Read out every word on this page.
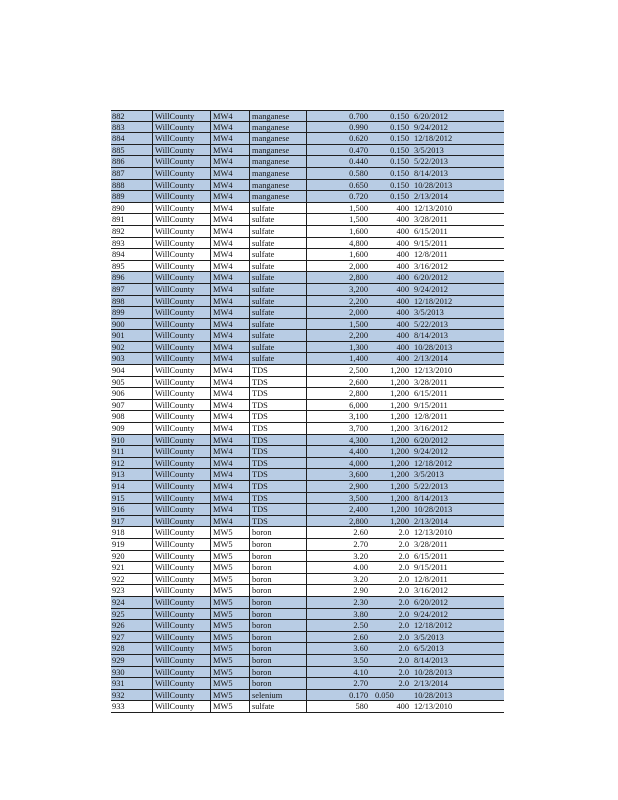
882	WillCounty	MW4	manganese	0.700	0.150 6/20/2012
883	WillCounty	MW4	manganese	0.990	0.150 9/24/2012
884	WillCounty	MW4	manganese	0.620	0.150 12/18/2012
885	WillCounty	MW4	manganese	0.470	0.150 3/5/2013
886	WillCounty	MW4	manganese	0.440	0.150 5/22/2013
887	WillCounty	MW4	manganese	0.580	0.150 8/14/2013
888	WillCounty	MW4	manganese	0.650	0.150 10/28/2013
889	WillCounty	MW4	manganese	0.720	0.150 2/13/2014
890	WillCounty	MW4	sulfate	1,500	400 12/13/2010
891	WillCounty	MW4	sulfate	1,500	400 3/28/2011
892	WillCounty	MW4	sulfate	1,600	400 6/15/2011
893	WillCounty	MW4	sulfate	4,800	400 9/15/2011
894	WillCounty	MW4	sulfate	1,600	400 12/8/2011
895	WillCounty	MW4	sulfate	2,000	400 3/16/2012
896	WillCounty	MW4	sulfate	2,800	400 6/20/2012
897	WillCounty	MW4	sulfate	3,200	400 9/24/2012
898	WillCounty	MW4	sulfate	2,200	400 12/18/2012
899	WillCounty	MW4	sulfate	2,000	400 3/5/2013
900	WillCounty	MW4	sulfate	1,500	400 5/22/2013
901	WillCounty	MW4	sulfate	2,200	400 8/14/2013
902	WillCounty	MW4	sulfate	1,300	400 10/28/2013
903	WillCounty	MW4	sulfate	1,400	400 2/13/2014
904	WillCounty	MW4	TDS	2,500	1,200 12/13/2010
905	WillCounty	MW4	TDS	2,600	1,200 3/28/2011
906	WillCounty	MW4	TDS	2,800	1,200 6/15/2011
907	WillCounty	MW4	TDS	6,000	1,200 9/15/2011
908	WillCounty	MW4	TDS	3,100	1,200 12/8/2011
909	WillCounty	MW4	TDS	3,700	1,200 3/16/2012
910	WillCounty	MW4	TDS	4,300	1,200 6/20/2012
911	WillCounty	MW4	TDS	4,400	1,200 9/24/2012
912	WillCounty	MW4	TDS	4,000	1,200 12/18/2012
913	WillCounty	MW4	TDS	3,600	1,200 3/5/2013
914	WillCounty	MW4	TDS	2,900	1,200 5/22/2013
915	WillCounty	MW4	TDS	3,500	1,200 8/14/2013
916	WillCounty	MW4	TDS	2,400	1,200 10/28/2013
917	WillCounty	MW4	TDS	2,800	1,200 2/13/2014
918	WillCounty	MW5	boron	2.60	2.0 12/13/2010
919	WillCounty	MW5	boron	2.70	2.0 3/28/2011
920	WillCounty	MW5	boron	3.20	2.0 6/15/2011
921	WillCounty	MW5	boron	4.00	2.0 9/15/2011
922	WillCounty	MW5	boron	3.20	2.0 12/8/2011
923	WillCounty	MW5	boron	2.90	2.0 3/16/2012
924	WillCounty	MW5	boron	2.30	2.0 6/20/2012
925	WillCounty	MW5	boron	3.80	2.0 9/24/2012
926	WillCounty	MW5	boron	2.50	2.0 12/18/2012
927	WillCounty	MW5	boron	2.60	2.0 3/5/2013
928	WillCounty	MW5	boron	3.60	2.0 6/5/2013
929	WillCounty	MW5	boron	3.50	2.0 8/14/2013
930	WillCounty	MW5	boron	4.10	2.0 10/28/2013
931	WillCounty	MW5	boron	2.70	2.0 2/13/2014
932	WillCounty	MW5	selenium	0.170 0.050	10/28/2013
933	WillCounty	MW5	sulfate	580	400 12/13/2010
